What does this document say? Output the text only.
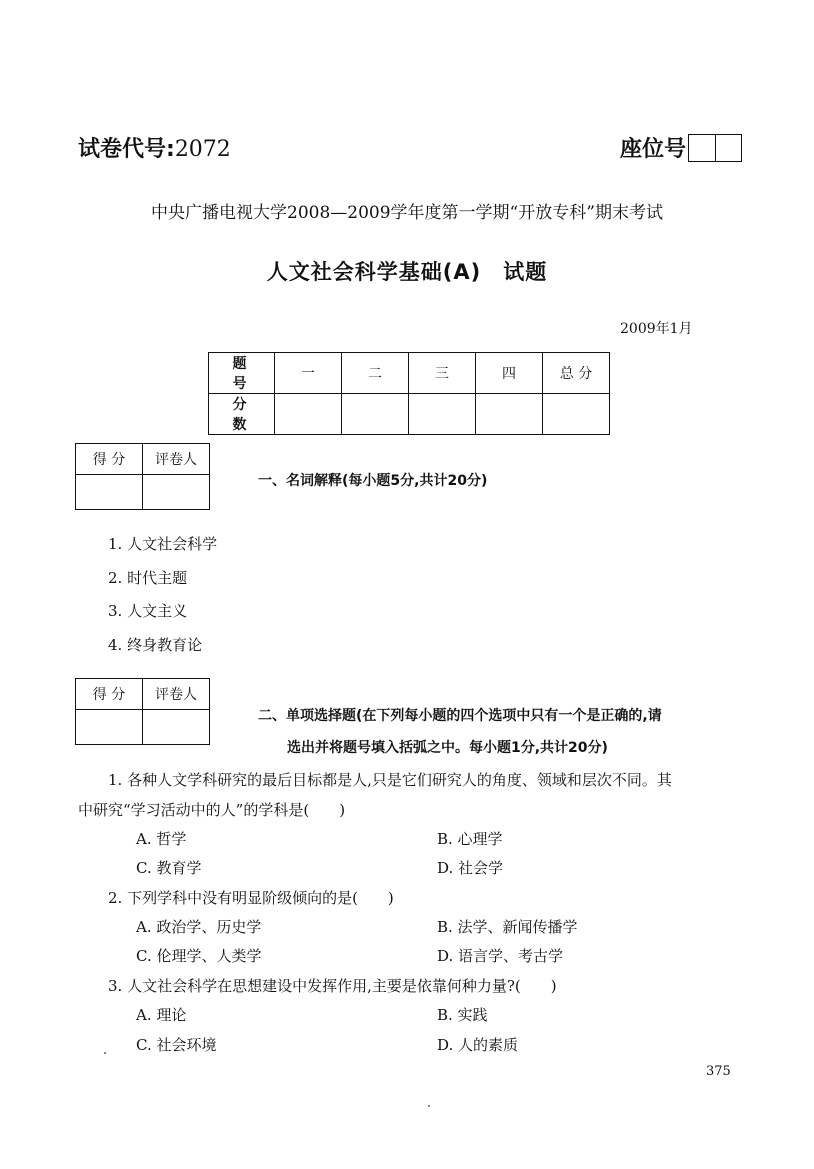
试卷代号:2072	座位号
中央广播电视大学2008—2009学年度第一学期“开放专科”期末考试
人文社会科学基础(A)　试题
2009年1月
题 号	一	二	三	四	总 分
分 数					
得 分	评卷人

一、名词解释(每小题5分,共计20分)
1. 人文社会科学
2. 时代主题
3. 人文主义
4. 终身教育论
得 分	评卷人

二、单项选择题(在下列每小题的四个选项中只有一个是正确的,请
选出并将题号填入括弧之中。每小题1分,共计20分)
1. 各种人文学科研究的最后目标都是人,只是它们研究人的角度、领域和层次不同。其
中研究“学习活动中的人”的学科是(　　)
A. 哲学	B. 心理学
C. 教育学	D. 社会学
2. 下列学科中没有明显阶级倾向的是(　　)
A. 政治学、历史学	B. 法学、新闻传播学
C. 伦理学、人类学	D. 语言学、考古学
3. 人文社会科学在思想建设中发挥作用,主要是依靠何种力量?(　　)
A. 理论	B. 实践
C. 社会环境	D. 人的素质
375
